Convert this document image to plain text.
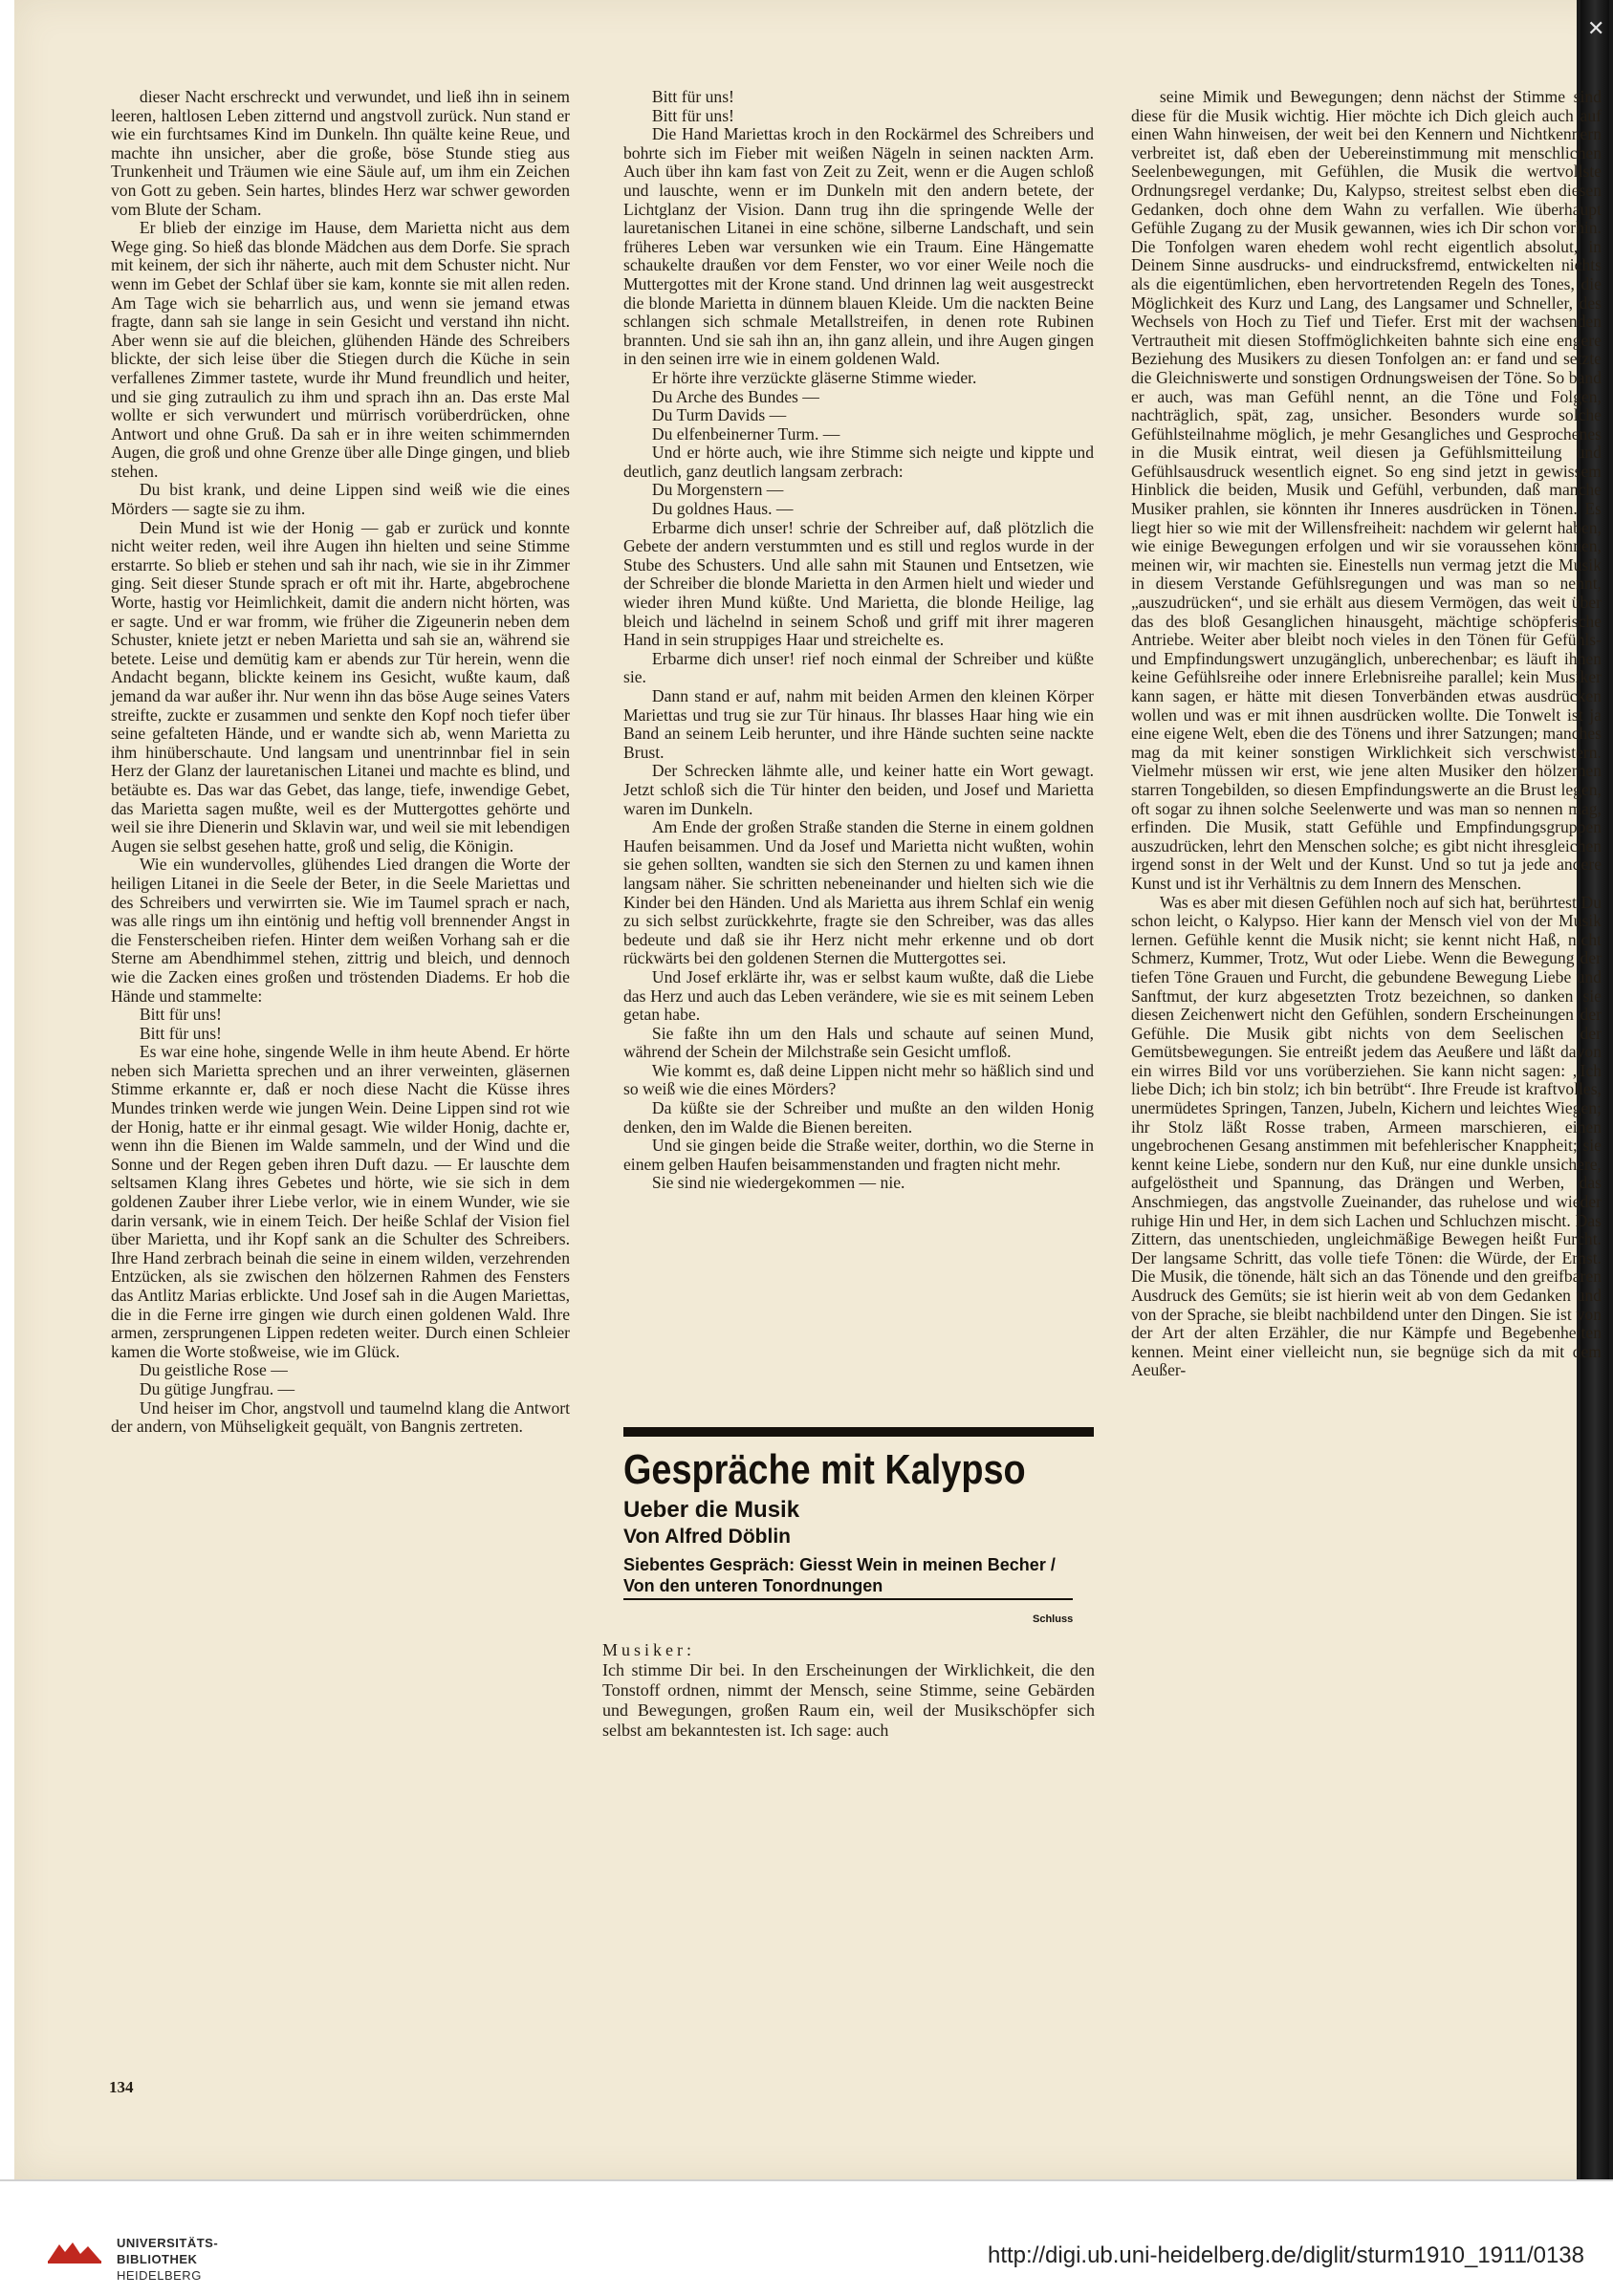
✕

dieser Nacht erschreckt und verwundet, und ließ ihn in seinem leeren, haltlosen Leben zitternd und angstvoll zurück. Nun stand er wie ein furchtsames Kind im Dunkeln. Ihn quälte keine Reue, und machte ihn unsicher, aber die große, böse Stunde stieg aus Trunkenheit und Träumen wie eine Säule auf, um ihm ein Zeichen von Gott zu geben. Sein hartes, blindes Herz war schwer geworden vom Blute der Scham.

Er blieb der einzige im Hause, dem Marietta nicht aus dem Wege ging. So hieß das blonde Mädchen aus dem Dorfe. Sie sprach mit keinem, der sich ihr näherte, auch mit dem Schuster nicht. Nur wenn im Gebet der Schlaf über sie kam, konnte sie mit allen reden. Am Tage wich sie beharrlich aus, und wenn sie jemand etwas fragte, dann sah sie lange in sein Gesicht und verstand ihn nicht. Aber wenn sie auf die bleichen, glühenden Hände des Schreibers blickte, der sich leise über die Stiegen durch die Küche in sein verfallenes Zimmer tastete, wurde ihr Mund freundlich und heiter, und sie ging zutraulich zu ihm und sprach ihn an. Das erste Mal wollte er sich verwundert und mürrisch vorüberdrücken, ohne Antwort und ohne Gruß. Da sah er in ihre weiten schimmernden Augen, die groß und ohne Grenze über alle Dinge gingen, und blieb stehen.

Du bist krank, und deine Lippen sind weiß wie die eines Mörders — sagte sie zu ihm.

Dein Mund ist wie der Honig — gab er zurück und konnte nicht weiter reden, weil ihre Augen ihn hielten und seine Stimme erstarrte. So blieb er stehen und sah ihr nach, wie sie in ihr Zimmer ging. Seit dieser Stunde sprach er oft mit ihr. Harte, abgebrochene Worte, hastig vor Heimlichkeit, damit die andern nicht hörten, was er sagte. Und er war fromm, wie früher die Zigeunerin neben dem Schuster, kniete jetzt er neben Marietta und sah sie an, während sie betete. Leise und demütig kam er abends zur Tür herein, wenn die Andacht begann, blickte keinem ins Gesicht, wußte kaum, daß jemand da war außer ihr. Nur wenn ihn das böse Auge seines Vaters streifte, zuckte er zusammen und senkte den Kopf noch tiefer über seine gefalteten Hände, und er wandte sich ab, wenn Marietta zu ihm hinüberschaute. Und langsam und unentrinnbar fiel in sein Herz der Glanz der lauretanischen Litanei und machte es blind, und betäubte es. Das war das Gebet, das lange, tiefe, inwendige Gebet, das Marietta sagen mußte, weil es der Muttergottes gehörte und weil sie ihre Dienerin und Sklavin war, und weil sie mit lebendigen Augen sie selbst gesehen hatte, groß und selig, die Königin.

Wie ein wundervolles, glühendes Lied drangen die Worte der heiligen Litanei in die Seele der Beter, in die Seele Mariettas und des Schreibers und verwirrten sie. Wie im Taumel sprach er nach, was alle rings um ihn eintönig und heftig voll brennender Angst in die Fensterscheiben riefen. Hinter dem weißen Vorhang sah er die Sterne am Abendhimmel stehen, zittrig und bleich, und dennoch wie die Zacken eines großen und tröstenden Diadems. Er hob die Hände und stammelte:

Bitt für uns!

Bitt für uns!

Es war eine hohe, singende Welle in ihm heute Abend. Er hörte neben sich Marietta sprechen und an ihrer verweinten, gläsernen Stimme erkannte er, daß er noch diese Nacht die Küsse ihres Mundes trinken werde wie jungen Wein. Deine Lippen sind rot wie der Honig, hatte er ihr einmal gesagt. Wie wilder Honig, dachte er, wenn ihn die Bienen im Walde sammeln, und der Wind und die Sonne und der Regen geben ihren Duft dazu. — Er lauschte dem seltsamen Klang ihres Gebetes und hörte, wie sie sich in dem goldenen Zauber ihrer Liebe verlor, wie in einem Wunder, wie sie darin versank, wie in einem Teich. Der heiße Schlaf der Vision fiel über Marietta, und ihr Kopf sank an die Schulter des Schreibers. Ihre Hand zerbrach beinah die seine in einem wilden, verzehrenden Entzücken, als sie zwischen den hölzernen Rahmen des Fensters das Antlitz Marias erblickte. Und Josef sah in die Augen Mariettas, die in die Ferne irre gingen wie durch einen goldenen Wald. Ihre armen, zersprungenen Lippen redeten weiter. Durch einen Schleier kamen die Worte stoßweise, wie im Glück.

Du geistliche Rose —

Du gütige Jungfrau. —

Und heiser im Chor, angstvoll und taumelnd klang die Antwort der andern, von Mühseligkeit gequält, von Bangnis zertreten.

Bitt für uns!

Bitt für uns!

Die Hand Mariettas kroch in den Rockärmel des Schreibers und bohrte sich im Fieber mit weißen Nägeln in seinen nackten Arm. Auch über ihn kam fast von Zeit zu Zeit, wenn er die Augen schloß und lauschte, wenn er im Dunkeln mit den andern betete, der Lichtglanz der Vision. Dann trug ihn die springende Welle der lauretanischen Litanei in eine schöne, silberne Landschaft, und sein früheres Leben war versunken wie ein Traum. Eine Hängematte schaukelte draußen vor dem Fenster, wo vor einer Weile noch die Muttergottes mit der Krone stand. Und drinnen lag weit ausgestreckt die blonde Marietta in dünnem blauen Kleide. Um die nackten Beine schlangen sich schmale Metallstreifen, in denen rote Rubinen brannten. Und sie sah ihn an, ihn ganz allein, und ihre Augen gingen in den seinen irre wie in einem goldenen Wald.

Er hörte ihre verzückte gläserne Stimme wieder.

Du Arche des Bundes —

Du Turm Davids —

Du elfenbeinerner Turm. —

Und er hörte auch, wie ihre Stimme sich neigte und kippte und deutlich, ganz deutlich langsam zerbrach:

Du Morgenstern —

Du goldnes Haus. —

Erbarme dich unser! schrie der Schreiber auf, daß plötzlich die Gebete der andern verstummten und es still und reglos wurde in der Stube des Schusters. Und alle sahn mit Staunen und Entsetzen, wie der Schreiber die blonde Marietta in den Armen hielt und wieder und wieder ihren Mund küßte. Und Marietta, die blonde Heilige, lag bleich und lächelnd in seinem Schoß und griff mit ihrer mageren Hand in sein struppiges Haar und streichelte es.

Erbarme dich unser! rief noch einmal der Schreiber und küßte sie.

Dann stand er auf, nahm mit beiden Armen den kleinen Körper Mariettas und trug sie zur Tür hinaus. Ihr blasses Haar hing wie ein Band an seinem Leib herunter, und ihre Hände suchten seine nackte Brust.

Der Schrecken lähmte alle, und keiner hatte ein Wort gewagt. Jetzt schloß sich die Tür hinter den beiden, und Josef und Marietta waren im Dunkeln.

Am Ende der großen Straße standen die Sterne in einem goldnen Haufen beisammen. Und da Josef und Marietta nicht wußten, wohin sie gehen sollten, wandten sie sich den Sternen zu und kamen ihnen langsam näher. Sie schritten nebeneinander und hielten sich wie die Kinder bei den Händen. Und als Marietta aus ihrem Schlaf ein wenig zu sich selbst zurückkehrte, fragte sie den Schreiber, was das alles bedeute und daß sie ihr Herz nicht mehr erkenne und ob dort rückwärts bei den goldenen Sternen die Muttergottes sei.

Und Josef erklärte ihr, was er selbst kaum wußte, daß die Liebe das Herz und auch das Leben verändere, wie sie es mit seinem Leben getan habe.

Sie faßte ihn um den Hals und schaute auf seinen Mund, während der Schein der Milchstraße sein Gesicht umfloß.

Wie kommt es, daß deine Lippen nicht mehr so häßlich sind und so weiß wie die eines Mörders?

Da küßte sie der Schreiber und mußte an den wilden Honig denken, den im Walde die Bienen bereiten.

Und sie gingen beide die Straße weiter, dorthin, wo die Sterne in einem gelben Haufen beisammenstanden und fragten nicht mehr.

Sie sind nie wiedergekommen — nie.

seine Mimik und Bewegungen; denn nächst der Stimme sind diese für die Musik wichtig. Hier möchte ich Dich gleich auch auf einen Wahn hinweisen, der weit bei den Kennern und Nichtkennern verbreitet ist, daß eben der Uebereinstimmung mit menschlichen Seelenbewegungen, mit Gefühlen, die Musik die wertvollste Ordnungsregel verdanke; Du, Kalypso, streitest selbst eben diesen Gedanken, doch ohne dem Wahn zu verfallen. Wie überhaupt Gefühle Zugang zu der Musik gewannen, wies ich Dir schon vorhin. Die Tonfolgen waren ehedem wohl recht eigentlich absolut, in Deinem Sinne ausdrucks- und eindrucksfremd, entwickelten nichts als die eigentümlichen, eben hervortretenden Regeln des Tones, die Möglichkeit des Kurz und Lang, des Langsamer und Schneller, des Wechsels von Hoch zu Tief und Tiefer. Erst mit der wachsenden Vertrautheit mit diesen Stoffmöglichkeiten bahnte sich eine engere Beziehung des Musikers zu diesen Tonfolgen an: er fand und setzte die Gleichniswerte und sonstigen Ordnungsweisen der Töne. So band er auch, was man Gefühl nennt, an die Töne und Folgen, nachträglich, spät, zag, unsicher. Besonders wurde solche Gefühlsteilnahme möglich, je mehr Gesangliches und Gesprochenes in die Musik eintrat, weil diesen ja Gefühlsmitteilung und Gefühlsausdruck wesentlich eignet. So eng sind jetzt in gewissem Hinblick die beiden, Musik und Gefühl, verbunden, daß manche Musiker prahlen, sie könnten ihr Inneres ausdrücken in Tönen. Es liegt hier so wie mit der Willensfreiheit: nachdem wir gelernt haben, wie einige Bewegungen erfolgen und wir sie voraussehen können, meinen wir, wir machten sie. Einestells nun vermag jetzt die Musik in diesem Verstande Gefühlsregungen und was man so nennt, „auszudrücken“, und sie erhält aus diesem Vermögen, das weit über das des bloß Gesanglichen hinausgeht, mächtige schöpferische Antriebe. Weiter aber bleibt noch vieles in den Tönen für Gefühls- und Empfindungswert unzugänglich, unberechenbar; es läuft ihnen keine Gefühlsreihe oder innere Erlebnisreihe parallel; kein Musiker kann sagen, er hätte mit diesen Tonverbänden etwas ausdrücken wollen und was er mit ihnen ausdrücken wollte. Die Tonwelt ist ja eine eigene Welt, eben die des Tönens und ihrer Satzungen; manches mag da mit keiner sonstigen Wirklichkeit sich verschwistern. Vielmehr müssen wir erst, wie jene alten Musiker den hölzernen starren Tongebilden, so diesen Empfindungswerte an die Brust legen, oft sogar zu ihnen solche Seelenwerte und was man so nennen mag, erfinden. Die Musik, statt Gefühle und Empfindungsgruppen auszudrücken, lehrt den Menschen solche; es gibt nicht ihresgleichen irgend sonst in der Welt und der Kunst. Und so tut ja jede andere Kunst und ist ihr Verhältnis zu dem Innern des Menschen.

Was es aber mit diesen Gefühlen noch auf sich hat, berührtest Du schon leicht, o Kalypso. Hier kann der Mensch viel von der Musik lernen. Gefühle kennt die Musik nicht; sie kennt nicht Haß, nicht Schmerz, Kummer, Trotz, Wut oder Liebe. Wenn die Bewegung der tiefen Töne Grauen und Furcht, die gebundene Bewegung Liebe und Sanftmut, der kurz abgesetzten Trotz bezeichnen, so danken sie diesen Zeichenwert nicht den Gefühlen, sondern Erscheinungen der Gefühle. Die Musik gibt nichts von dem Seelischen der Gemütsbewegungen. Sie entreißt jedem das Aeußere und läßt davon ein wirres Bild vor uns vorüberziehen. Sie kann nicht sagen: „Ich liebe Dich; ich bin stolz; ich bin betrübt“. Ihre Freude ist kraftvolles, unermüdetes Springen, Tanzen, Jubeln, Kichern und leichtes Wiegen; ihr Stolz läßt Rosse traben, Armeen marschieren, einen ungebrochenen Gesang anstimmen mit befehlerischer Knappheit; sie kennt keine Liebe, sondern nur den Kuß, nur eine dunkle unsichere, aufgelöstheit und Spannung, das Drängen und Werben, das Anschmiegen, das angstvolle Zueinander, das ruhelose und wieder ruhige Hin und Her, in dem sich Lachen und Schluchzen mischt. Das Zittern, das unentschieden, ungleichmäßige Bewegen heißt Furcht. Der langsame Schritt, das volle tiefe Tönen: die Würde, der Ernst. Die Musik, die tönende, hält sich an das Tönende und den greifbaren Ausdruck des Gemüts; sie ist hierin weit ab von dem Gedanken und von der Sprache, sie bleibt nachbildend unter den Dingen. Sie ist von der Art der alten Erzähler, die nur Kämpfe und Begebenheiten kennen. Meint einer vielleicht nun, sie begnüge sich da mit dem Aeußer-

Gespräche mit Kalypso
Ueber die Musik
Von Alfred Döblin
Siebentes Gespräch: Giesst Wein in meinen Becher / Von den unteren Tonordnungen
Schluss
Musiker:
Ich stimme Dir bei. In den Erscheinungen der Wirklichkeit, die den Tonstoff ordnen, nimmt der Mensch, seine Stimme, seine Gebärden und Bewegungen, großen Raum ein, weil der Musikschöpfer sich selbst am bekanntesten ist. Ich sage: auch
134
UNIVERSITÄTS-
BIBLIOTHEK
HEIDELBERG
http://digi.ub.uni-heidelberg.de/diglit/sturm1910_1911/0138
